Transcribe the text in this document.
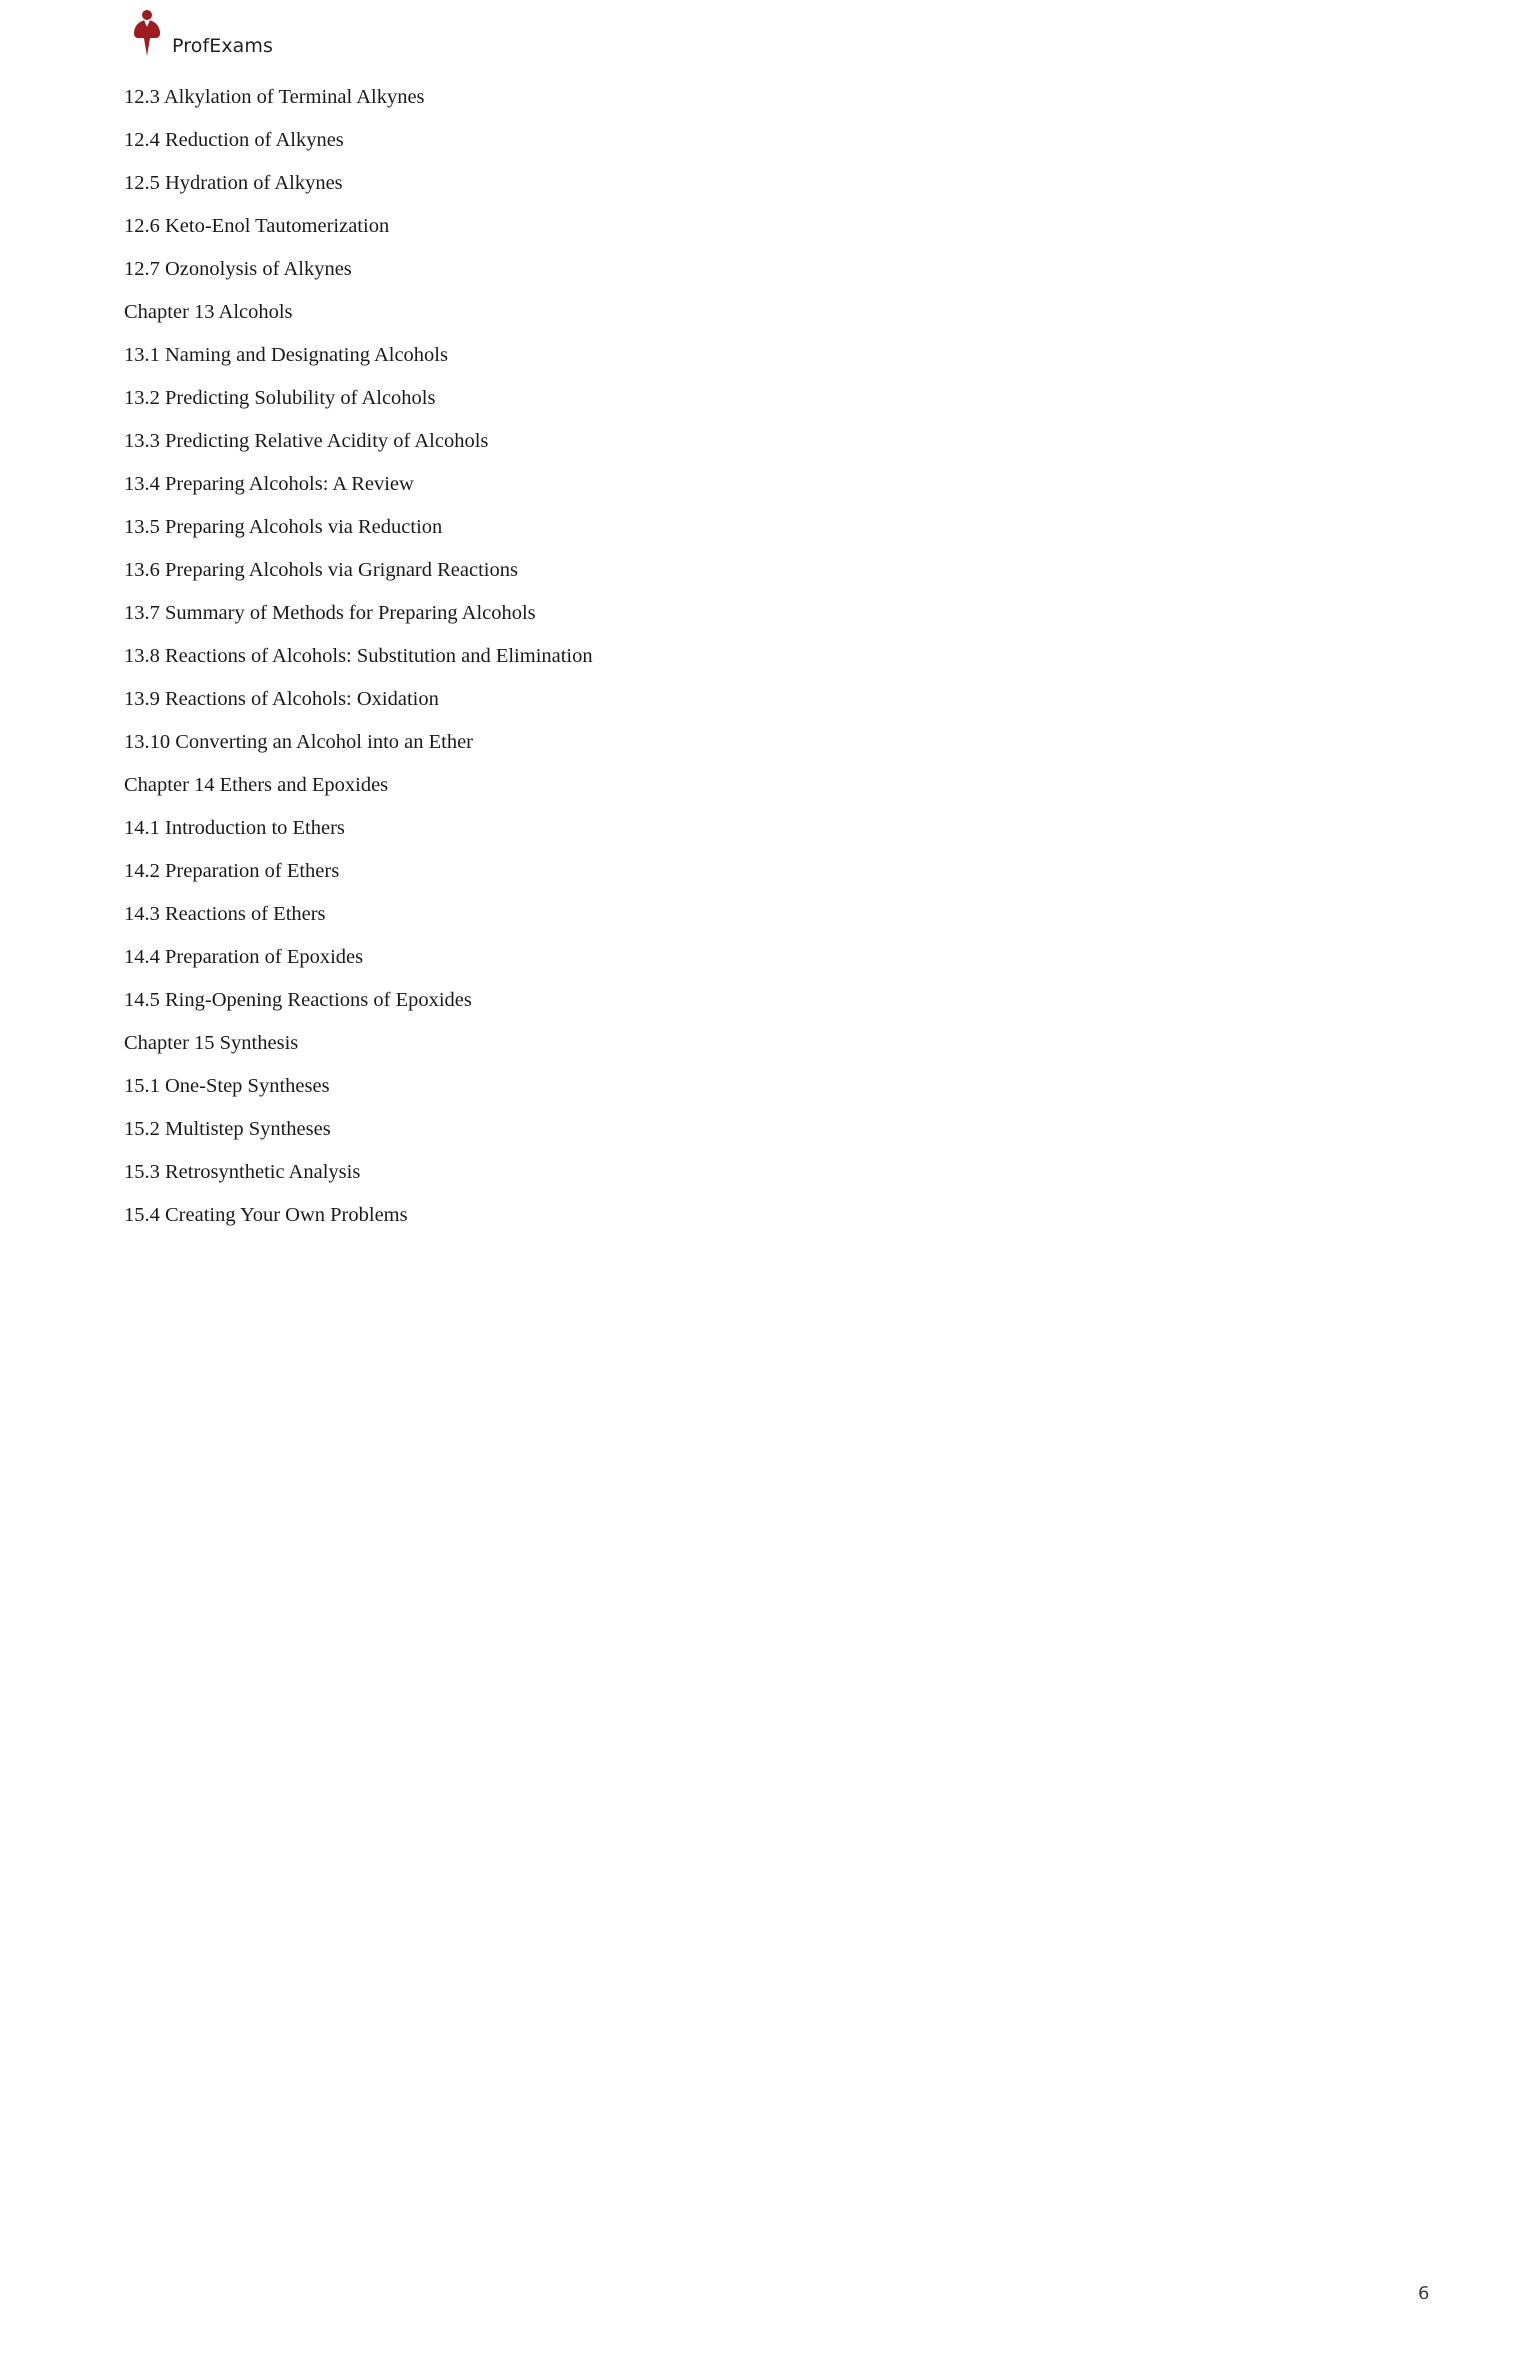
ProfExams
12.3 Alkylation of Terminal Alkynes
12.4 Reduction of Alkynes
12.5 Hydration of Alkynes
12.6 Keto-Enol Tautomerization
12.7 Ozonolysis of Alkynes
Chapter 13 Alcohols
13.1 Naming and Designating Alcohols
13.2 Predicting Solubility of Alcohols
13.3 Predicting Relative Acidity of Alcohols
13.4 Preparing Alcohols: A Review
13.5 Preparing Alcohols via Reduction
13.6 Preparing Alcohols via Grignard Reactions
13.7 Summary of Methods for Preparing Alcohols
13.8 Reactions of Alcohols: Substitution and Elimination
13.9 Reactions of Alcohols: Oxidation
13.10 Converting an Alcohol into an Ether
Chapter 14 Ethers and Epoxides
14.1 Introduction to Ethers
14.2 Preparation of Ethers
14.3 Reactions of Ethers
14.4 Preparation of Epoxides
14.5 Ring-Opening Reactions of Epoxides
Chapter 15 Synthesis
15.1 One-Step Syntheses
15.2 Multistep Syntheses
15.3 Retrosynthetic Analysis
15.4 Creating Your Own Problems
6
